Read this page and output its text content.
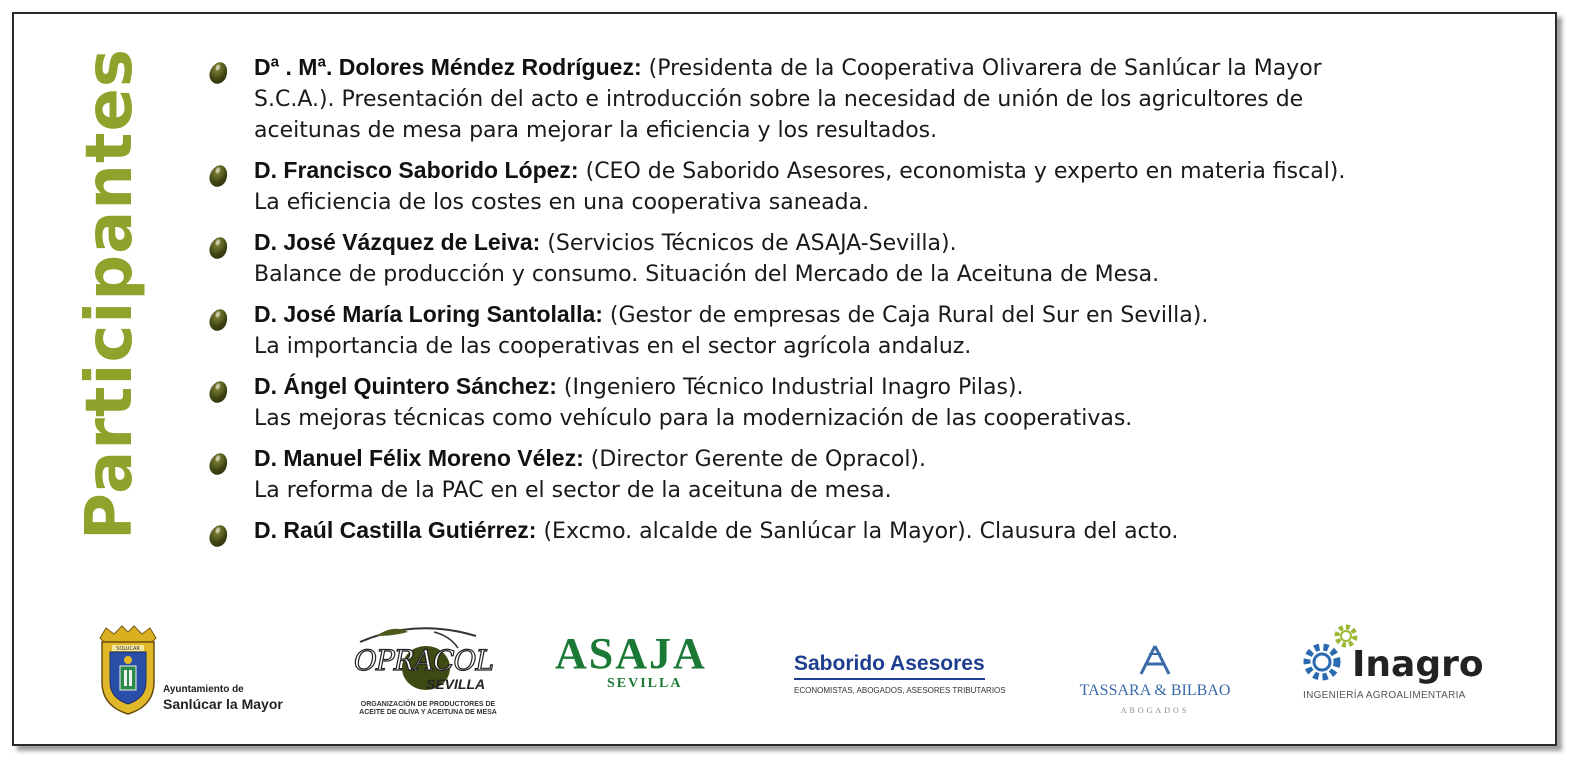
Participantes	Dª . Mª. Dolores Méndez Rodríguez: (Presidenta de la Cooperativa Olivarera de Sanlúcar la Mayor
S.C.A.). Presentación del acto e introducción sobre la necesidad de unión de los agricultores de
aceitunas de mesa para mejorar la eficiencia y los resultados.
D. Francisco Saborido López: (CEO de Saborido Asesores, economista y experto en materia fiscal).
La eficiencia de los costes en una cooperativa saneada.
D. José Vázquez de Leiva: (Servicios Técnicos de ASAJA-Sevilla).
Balance de producción y consumo. Situación del Mercado de la Aceituna de Mesa.
D. José María Loring Santolalla: (Gestor de empresas de Caja Rural del Sur en Sevilla).
La importancia de las cooperativas en el sector agrícola andaluz.
D. Ángel Quintero Sánchez: (Ingeniero Técnico Industrial Inagro Pilas).
Las mejoras técnicas como vehículo para la modernización de las cooperativas.
D. Manuel Félix Moreno Vélez: (Director Gerente de Opracol).
La reforma de la PAC en el sector de la aceituna de mesa.
D. Raúl Castilla Gutiérrez: (Excmo. alcalde de Sanlúcar la Mayor). Clausura del acto.
SOLUCAR
Ayuntamiento de
Sanlúcar la Mayor
OPRACOL
SEVILLA
ORGANIZACIÓN DE PRODUCTORES DE ACEITE DE OLIVA Y ACEITUNA DE MESA
ASAJA
SEVILLA
Saborido Asesores
ECONOMISTAS, ABOGADOS, ASESORES TRIBUTARIOS	TASSARA & BILBAO
ABOGADOS
Inagro
INGENIERÍA AGROALIMENTARIA
